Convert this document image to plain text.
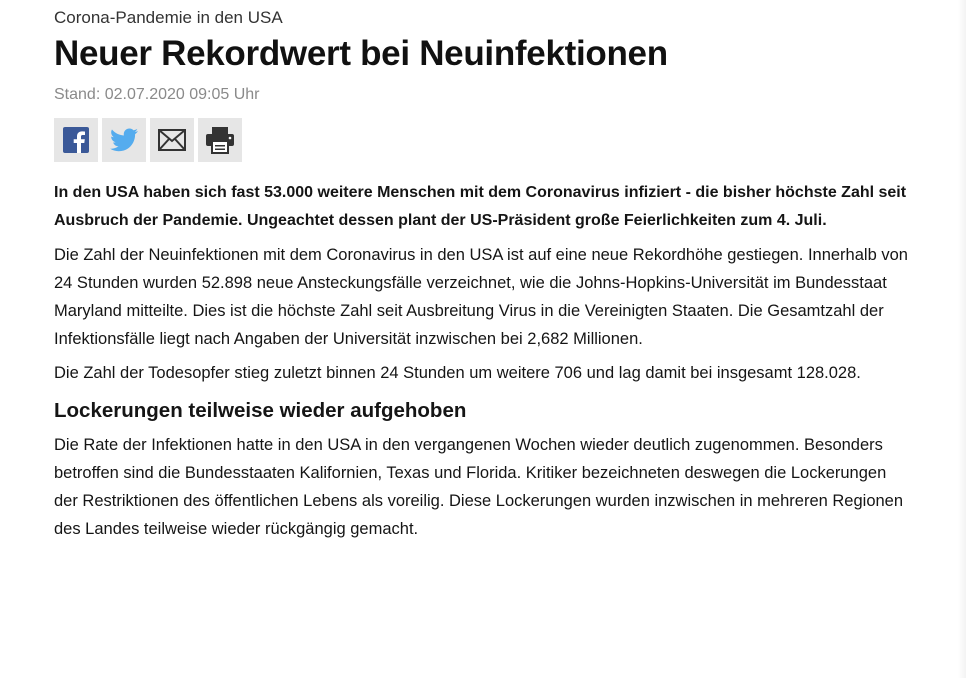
Corona-Pandemie in den USA

Neuer Rekordwert bei Neuinfektionen

Stand: 02.07.2020 09:05 Uhr

In den USA haben sich fast 53.000 weitere Menschen mit dem Coronavirus infiziert - die bisher höchste Zahl seit Ausbruch der Pandemie. Ungeachtet dessen plant der US-Präsident große Feierlichkeiten zum 4. Juli.

Die Zahl der Neuinfektionen mit dem Coronavirus in den USA ist auf eine neue Rekordhöhe gestiegen. Innerhalb von 24 Stunden wurden 52.898 neue Ansteckungsfälle verzeichnet, wie die Johns-Hopkins-Universität im Bundesstaat Maryland mitteilte. Dies ist die höchste Zahl seit Ausbreitung Virus in die Vereinigten Staaten. Die Gesamtzahl der Infektionsfälle liegt nach Angaben der Universität inzwischen bei 2,682 Millionen.

Die Zahl der Todesopfer stieg zuletzt binnen 24 Stunden um weitere 706 und lag damit bei insgesamt 128.028.

Lockerungen teilweise wieder aufgehoben

Die Rate der Infektionen hatte in den USA in den vergangenen Wochen wieder deutlich zugenommen. Besonders betroffen sind die Bundesstaaten Kalifornien, Texas und Florida. Kritiker bezeichneten deswegen die Lockerungen der Restriktionen des öffentlichen Lebens als voreilig. Diese Lockerungen wurden inzwischen in mehreren Regionen des Landes teilweise wieder rückgängig gemacht.
